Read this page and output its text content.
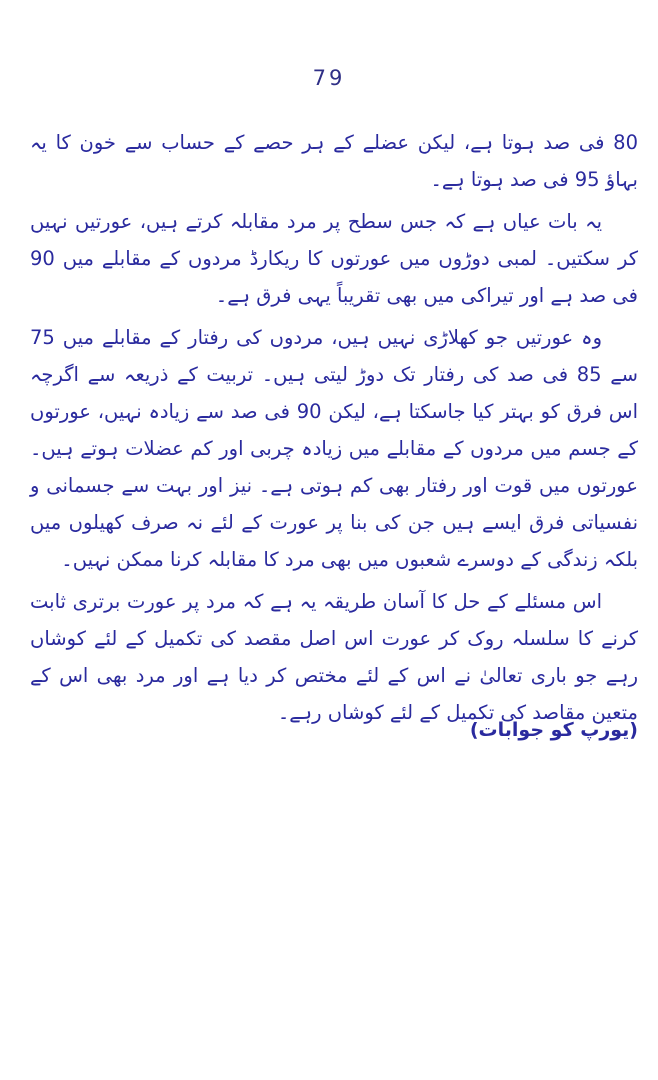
79

80 فی صد ہوتا ہے، لیکن عضلے کے ہر حصے کے حساب سے خون کا یہ بہاؤ 95 فی صد ہوتا ہے۔

یہ بات عیاں ہے کہ جس سطح پر مرد مقابلہ کرتے ہیں، عورتیں نہیں کر سکتیں۔ لمبی دوڑوں میں عورتوں کا ریکارڈ مردوں کے مقابلے میں 90 فی صد ہے اور تیراکی میں بھی تقریباً یہی فرق ہے۔

وہ عورتیں جو کھلاڑی نہیں ہیں، مردوں کی رفتار کے مقابلے میں 75 سے 85 فی صد کی رفتار تک دوڑ لیتی ہیں۔ تربیت کے ذریعہ سے اگرچہ اس فرق کو بہتر کیا جاسکتا ہے، لیکن 90 فی صد سے زیادہ نہیں، عورتوں کے جسم میں مردوں کے مقابلے میں زیادہ چربی اور کم عضلات ہوتے ہیں۔ عورتوں میں قوت اور رفتار بھی کم ہوتی ہے۔ نیز اور بہت سے جسمانی و نفسیاتی فرق ایسے ہیں جن کی بنا پر عورت کے لئے نہ صرف کھیلوں میں بلکہ زندگی کے دوسرے شعبوں میں بھی مرد کا مقابلہ کرنا ممکن نہیں۔

اس مسئلے کے حل کا آسان طریقہ یہ ہے کہ مرد پر عورت برتری ثابت کرنے کا سلسلہ روک کر عورت اس اصل مقصد کی تکمیل کے لئے کوشاں رہے جو باری تعالیٰ نے اس کے لئے مختص کر دیا ہے اور مرد بھی اس کے متعین مقاصد کی تکمیل کے لئے کوشاں رہے۔

(یورپ کو جوابات)
